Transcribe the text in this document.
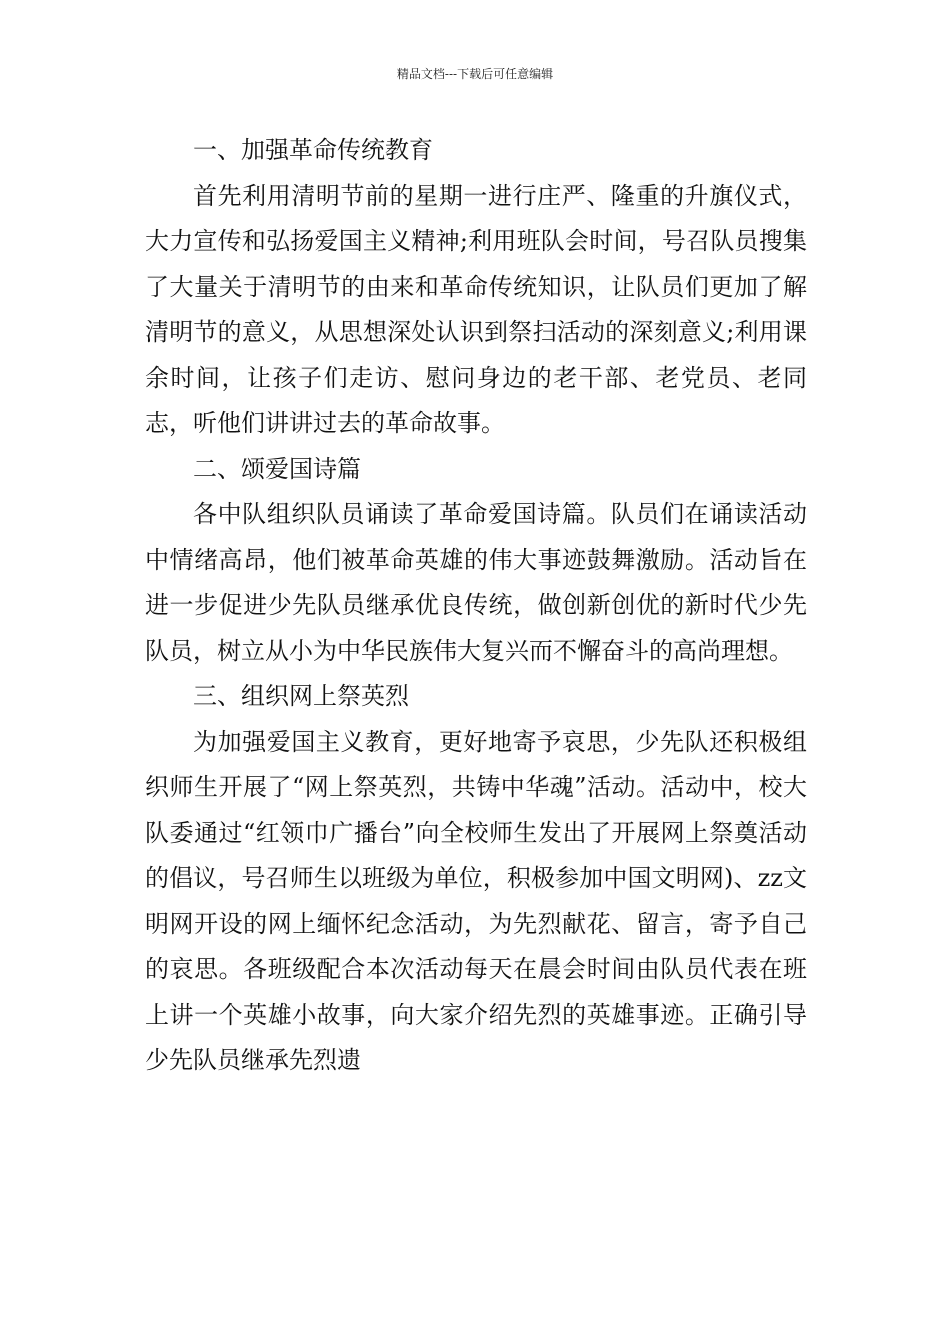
精品文档---下载后可任意编辑

一、加强革命传统教育

首先利用清明节前的星期一进行庄严、隆重的升旗仪式，大力宣传和弘扬爱国主义精神;利用班队会时间，号召队员搜集了大量关于清明节的由来和革命传统知识，让队员们更加了解清明节的意义，从思想深处认识到祭扫活动的深刻意义;利用课余时间，让孩子们走访、慰问身边的老干部、老党员、老同志，听他们讲讲过去的革命故事。

二、颂爱国诗篇

各中队组织队员诵读了革命爱国诗篇。队员们在诵读活动中情绪高昂，他们被革命英雄的伟大事迹鼓舞激励。活动旨在进一步促进少先队员继承优良传统，做创新创优的新时代少先队员，树立从小为中华民族伟大复兴而不懈奋斗的高尚理想。

三、组织网上祭英烈

为加强爱国主义教育，更好地寄予哀思，少先队还积极组织师生开展了“网上祭英烈，共铸中华魂”活动。活动中，校大队委通过“红领巾广播台”向全校师生发出了开展网上祭奠活动的倡议，号召师生以班级为单位，积极参加中国文明网)、zz文明网开设的网上缅怀纪念活动，为先烈献花、留言，寄予自己的哀思。各班级配合本次活动每天在晨会时间由队员代表在班上讲一个英雄小故事，向大家介绍先烈的英雄事迹。正确引导少先队员继承先烈遗
